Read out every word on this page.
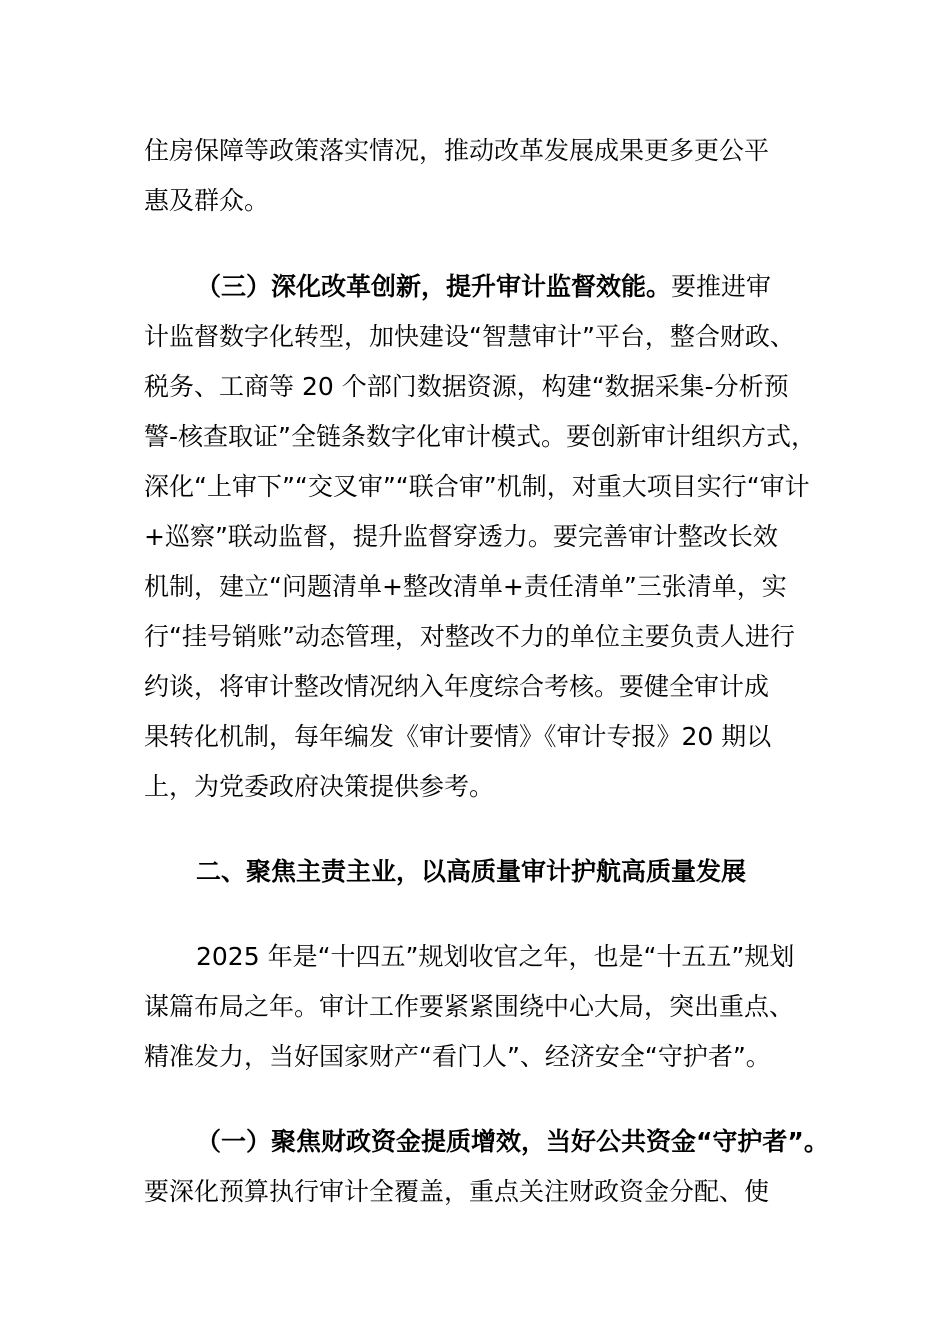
住房保障等政策落实情况，推动改革发展成果更多更公平
惠及群众。
（三）深化改革创新，提升审计监督效能。要推进审
计监督数字化转型，加快建设“智慧审计”平台，整合财政、
税务、工商等 20 个部门数据资源，构建“数据采集-分析预
警-核查取证”全链条数字化审计模式。要创新审计组织方式，
深化“上审下”“交叉审”“联合审”机制，对重大项目实行“审计
+巡察”联动监督，提升监督穿透力。要完善审计整改长效
机制，建立“问题清单+整改清单+责任清单”三张清单，实
行“挂号销账”动态管理，对整改不力的单位主要负责人进行
约谈，将审计整改情况纳入年度综合考核。要健全审计成
果转化机制，每年编发《审计要情》《审计专报》20 期以
上，为党委政府决策提供参考。
二、聚焦主责主业，以高质量审计护航高质量发展
2025 年是“十四五”规划收官之年，也是“十五五”规划
谋篇布局之年。审计工作要紧紧围绕中心大局，突出重点、
精准发力，当好国家财产“看门人”、经济安全“守护者”。
（一）聚焦财政资金提质增效，当好公共资金“守护者”。
要深化预算执行审计全覆盖，重点关注财政资金分配、使
